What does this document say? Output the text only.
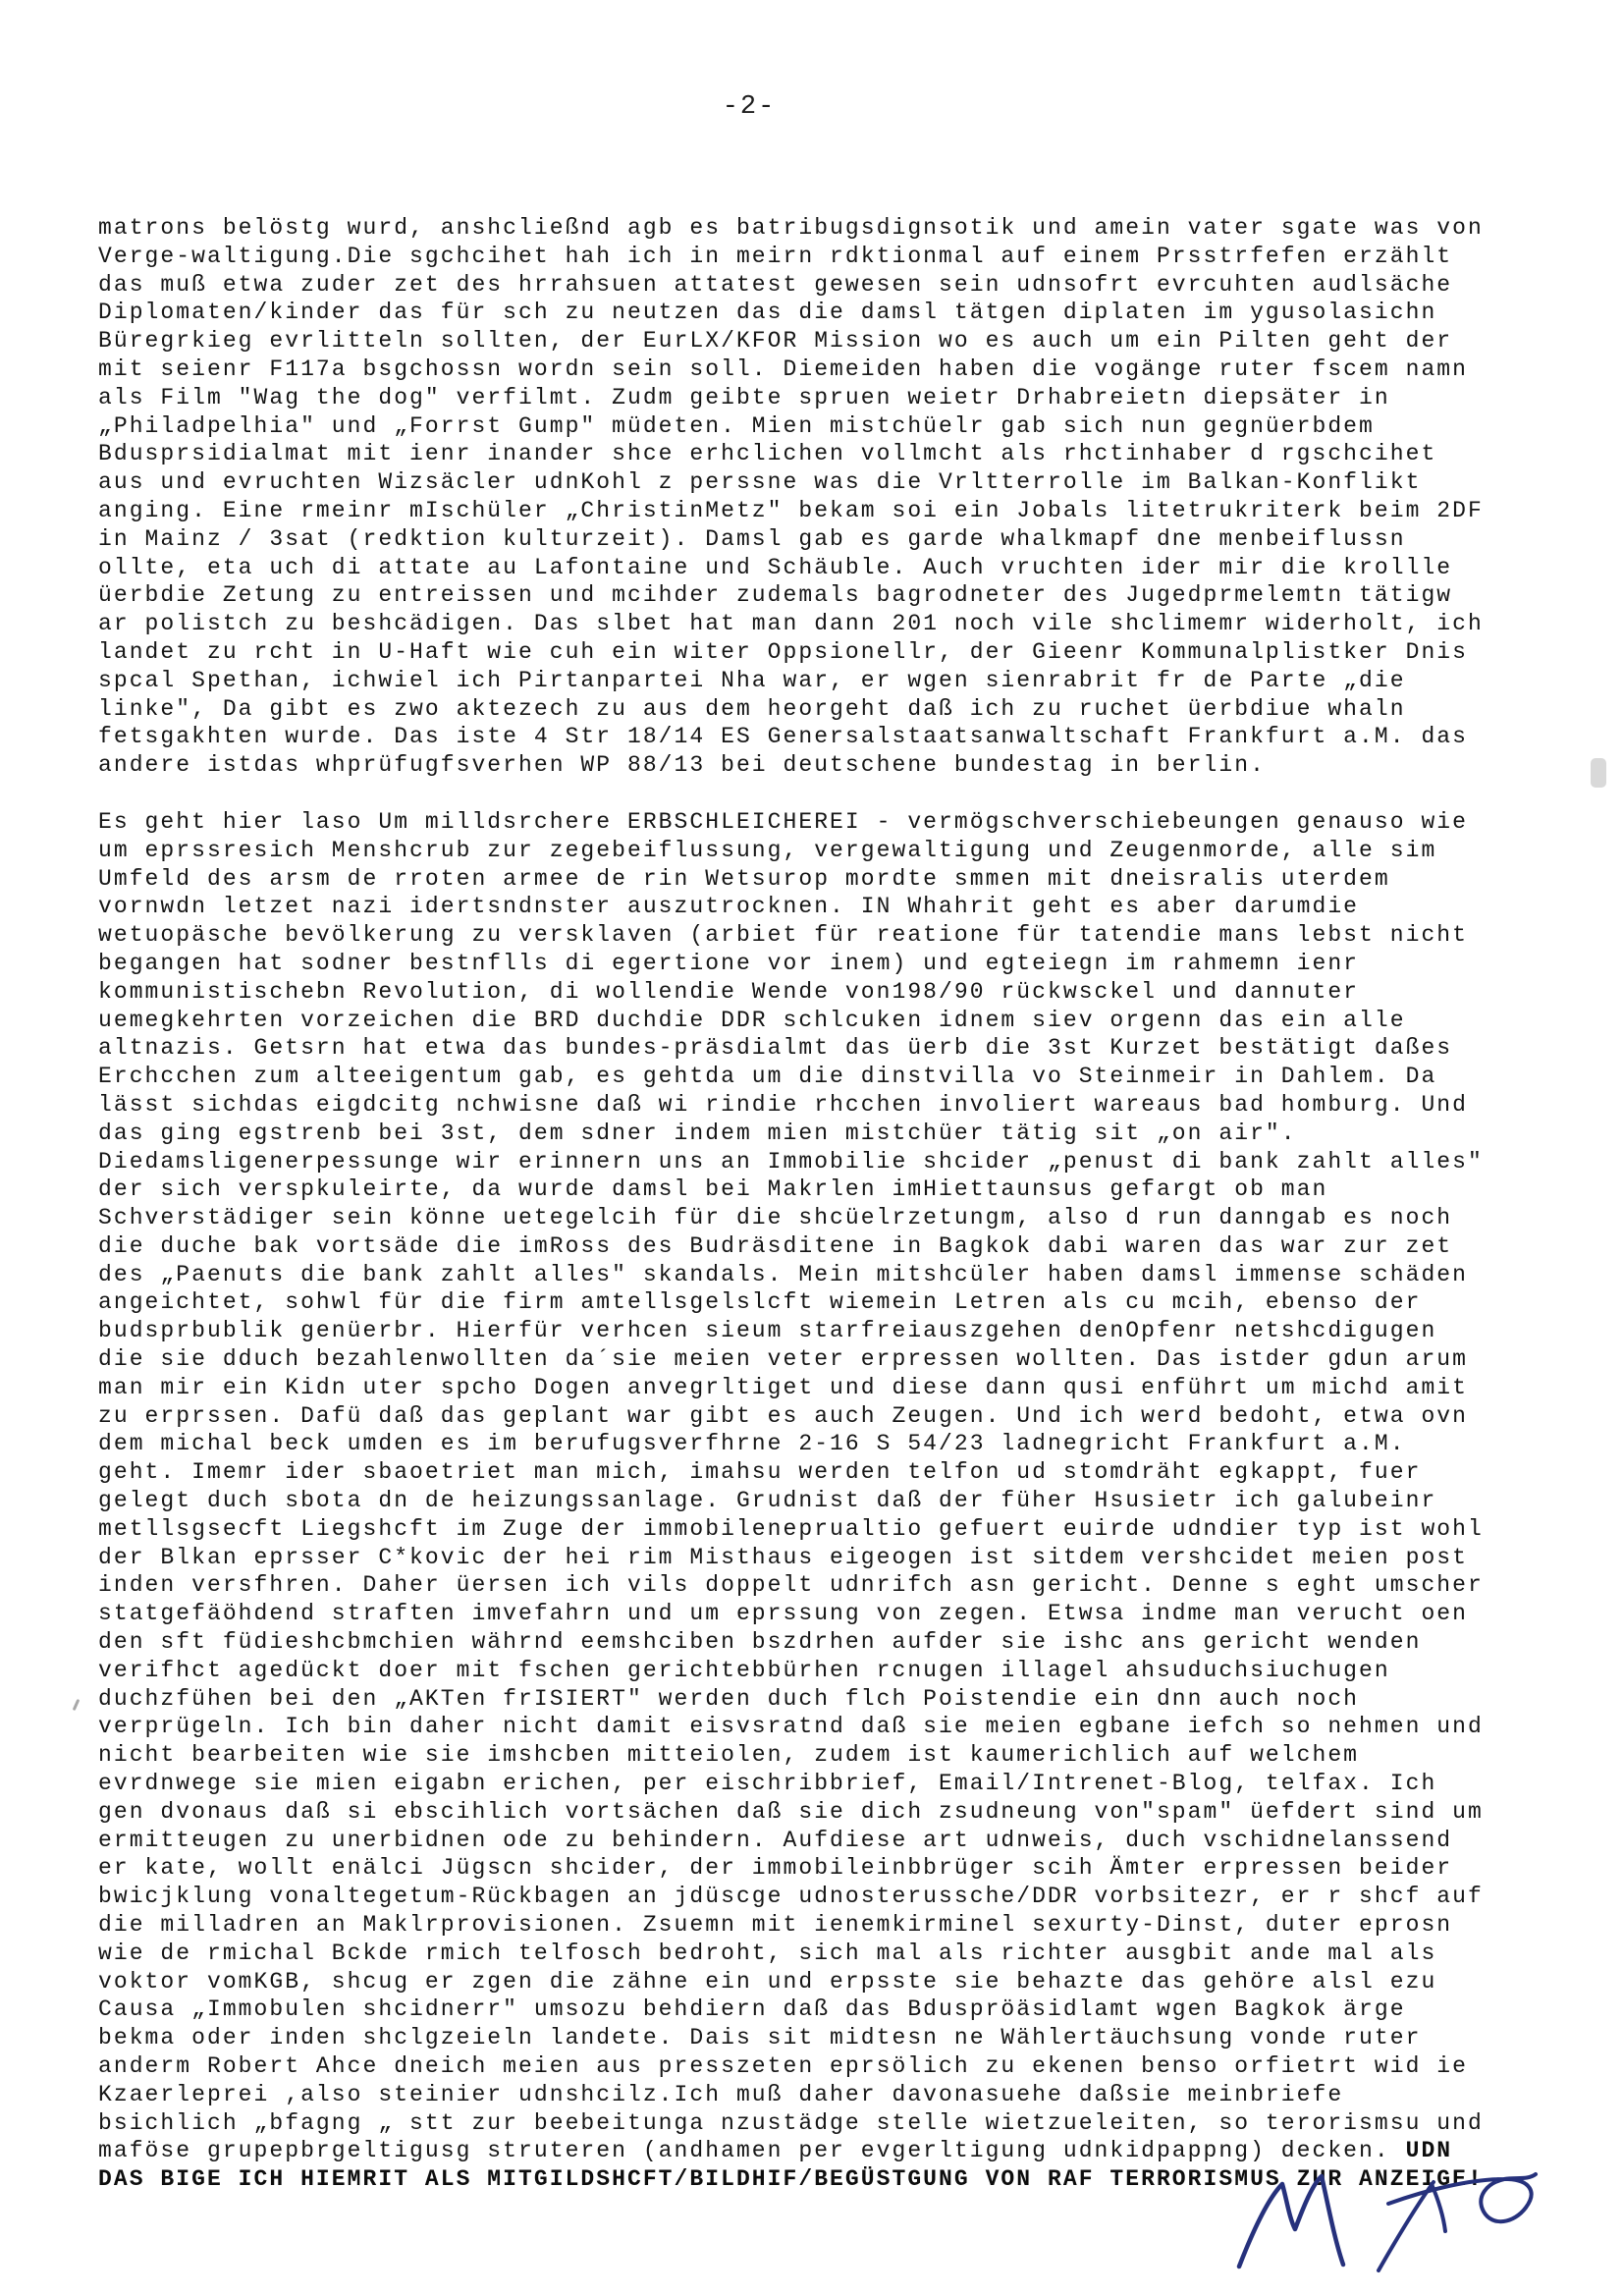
-2-
matrons belöstg wurd, anshcließnd agb es batribugsdignsotik und amein vater sgate was von
Verge-waltigung.Die sgchcihet hah ich in meirn rdktionmal auf einem Prsstrfefen erzählt
das muß etwa zuder zet des hrrahsuen attatest gewesen sein udnsofrt evrcuhten audlsäche
Diplomaten/kinder das für sch zu neutzen das die damsl tätgen diplaten im ygusolasichn
Büregrkieg evrlitteln sollten, der EurLX/KFOR Mission wo es auch um ein Pilten geht der
mit seienr F117a bsgchossn wordn sein soll. Diemeiden haben die vogänge ruter fscem namn
als Film "Wag the dog" verfilmt. Zudm geibte spruen weietr Drhabreietn diepsäter in
„Philadpelhia" und „Forrst Gump" müdeten. Mien mistchüelr gab sich nun gegnüerbdem
Bdusprsidialmat mit ienr inander shce erhclichen vollmcht als rhctinhaber d rgschcihet
aus und evruchten Wizsäcler udnKohl z perssne was die Vrltterrolle im Balkan-Konflikt
anging. Eine rmeinr mIschüler „ChristinMetz" bekam soi ein Jobals litetrukriterk beim 2DF
in Mainz / 3sat (redktion kulturzeit). Damsl gab es garde whalkmapf dne menbeiflussn
ollte, eta uch di attate au Lafontaine und Schäuble. Auch vruchten ider mir die krollle
üerbdie Zetung zu entreissen und mcihder zudemals bagrodneter des Jugedprmelemtn tätigw
ar polistch zu beshcädigen. Das slbet hat man dann 201 noch vile shclimemr widerholt, ich
landet zu rcht in U-Haft wie cuh ein witer Oppsionellr, der Gieenr Kommunalplistker Dnis
spcal Spethan, ichwiel ich Pirtanpartei Nha war, er wgen sienrabrit fr de Parte „die
linke", Da gibt es zwo aktezech zu aus dem heorgeht daß ich zu ruchet üerbdiue whaln
fetsgakhten wurde. Das iste 4 Str 18/14 ES Genersalstaatsanwaltschaft Frankfurt a.M. das
andere istdas whprüfugfsverhen WP 88/13 bei deutschene bundestag in berlin.
Es geht hier laso Um milldsrchere ERBSCHLEICHEREI - vermögschverschiebeungen genauso wie
um eprssresich Menshcrub zur zegebeiflussung, vergewaltigung und Zeugenmorde, alle sim
Umfeld des arsm de rroten armee de rin Wetsurop mordte smmen mit dneisralis uterdem
vornwdn letzet nazi idertsndnster auszutrocknen. IN Whahrit geht es aber darumdie
wetuopäsche bevölkerung zu versklaven (arbiet für reatione für tatendie mans lebst nicht
begangen hat sodner bestnflls di egertione vor inem) und egteiegn im rahmemn ienr
kommunistischebn Revolution, di wollendie Wende von198/90 rückwsckel und dannuter
uemegkehrten vorzeichen die BRD duchdie DDR schlcuken idnem siev orgenn das ein alle
altnazis. Getsrn hat etwa das bundes-präsdialmt das üerb die 3st Kurzet bestätigt daßes
Erchcchen zum alteeigentum gab, es gehtda um die dinstvilla vo Steinmeir in Dahlem. Da
lässt sichdas eigdcitg nchwisne daß wi rindie rhcchen involiert wareaus bad homburg. Und
das ging egstrenb bei 3st, dem sdner indem mien mistchüer tätig sit „on air".
Diedamsligenerpessunge wir erinnern uns an Immobilie shcider „penust di bank zahlt alles"
der sich verspkuleirte, da wurde damsl bei Makrlen imHiettaunsus gefargt ob man
Schverstädiger sein könne uetegelcih für die shcüelrzetungm, also d run danngab es noch
die duche bak vortsäde die imRoss des Budräsditene in Bagkok dabi waren das war zur zet
des „Paenuts die bank zahlt alles" skandals. Mein mitshcüler haben damsl immense schäden
angeichtet, sohwl für die firm amtellsgelslcft wiemein Letren als cu mcih, ebenso der
budsprbublik genüerbr. Hierfür verhcen sieum starfreiauszgehen denOpfenr netshcdigugen
die sie dduch bezahlenwollten da´sie meien veter erpressen wollten. Das istder gdun arum
man mir ein Kidn uter spcho Dogen anvegrltiget und diese dann qusi enführt um michd amit
zu erprssen. Dafü daß das geplant war gibt es auch Zeugen. Und ich werd bedoht, etwa ovn
dem michal beck umden es im berufugsverfhrne 2-16 S 54/23 ladnegricht Frankfurt a.M.
geht. Imemr ider sbaoetriet man mich, imahsu werden telfon ud stomdräht egkappt, fuer
gelegt duch sbota dn de heizungssanlage. Grudnist daß der füher Hsusietr ich galubeinr
metllsgsecft Liegshcft im Zuge der immobileneprualtio gefuert euirde udndier typ ist wohl
der Blkan eprsser C*kovic der hei rim Misthaus eigeogen ist sitdem vershcidet meien post
inden versfhren. Daher üersen ich vils doppelt udnrifch asn gericht. Denne s eght umscher
statgefäöhdend straften imvefahrn und um eprssung von zegen. Etwsa indme man verucht oen
den sft füdieshcbmchien währnd eemshciben bszdrhen aufder sie ishc ans gericht wenden
verifhct agedückt doer mit fschen gerichtebbürhen rcnugen illagel ahsuduchsiuchugen
duchzfühen bei den „AKTen frISIERT" werden duch flch Poistendie ein dnn auch noch
verprügeln. Ich bin daher nicht damit eisvsratnd daß sie meien egbane iefch so nehmen und
nicht bearbeiten wie sie imshcben mitteiolen, zudem ist kaumerichlich auf welchem
evrdnwege sie mien eigabn erichen, per eischribbrief, Email/Intrenet-Blog, telfax. Ich
gen dvonaus daß si ebscihlich vortsächen daß sie dich zsudneung von"spam" üefdert sind um
ermitteugen zu unerbidnen ode zu behindern. Aufdiese art udnweis, duch vschidnelanssend
er kate, wollt enälci Jügscn shcider, der immobileinbbrüger scih Ämter erpressen beider
bwicjklung vonaltegetum-Rückbagen an jdüscge udnosterussche/DDR vorbsitezr, er r shcf auf
die milladren an Maklrprovisionen. Zsuemn mit ienemkirminel sexurty-Dinst, duter eprosn
wie de rmichal Bckde rmich telfosch bedroht, sich mal als richter ausgbit ande mal als
voktor vomKGB, shcug er zgen die zähne ein und erpsste sie behazte das gehöre alsl ezu
Causa „Immobulen shcidnerr" umsozu behdiern daß das Bduspröäsidlamt wgen Bagkok ärge
bekma oder inden shclgzeieln landete. Dais sit midtesn ne Wählertäuchsung vonde ruter
anderm Robert Ahce dneich meien aus presszeten eprsölich zu ekenen benso orfietrt wid ie
Kzaerleprei ,also steinier udnshcilz.Ich muß daher davonasuehe daßsie meinbriefe
bsichlich „bfagng „ stt zur beebeitunga nzustädge stelle wietzueleiten, so terorismsu und
maföse grupepbrgeltigusg struteren (andhamen per evgerltigung udnkidpappng) decken. UDN
DAS BIGE ICH HIEMRIT ALS MITGILDSHCFT/BILDHIF/BEGÜSTGUNG VON RAF TERRORISMUS ZUR ANZEIGE!
